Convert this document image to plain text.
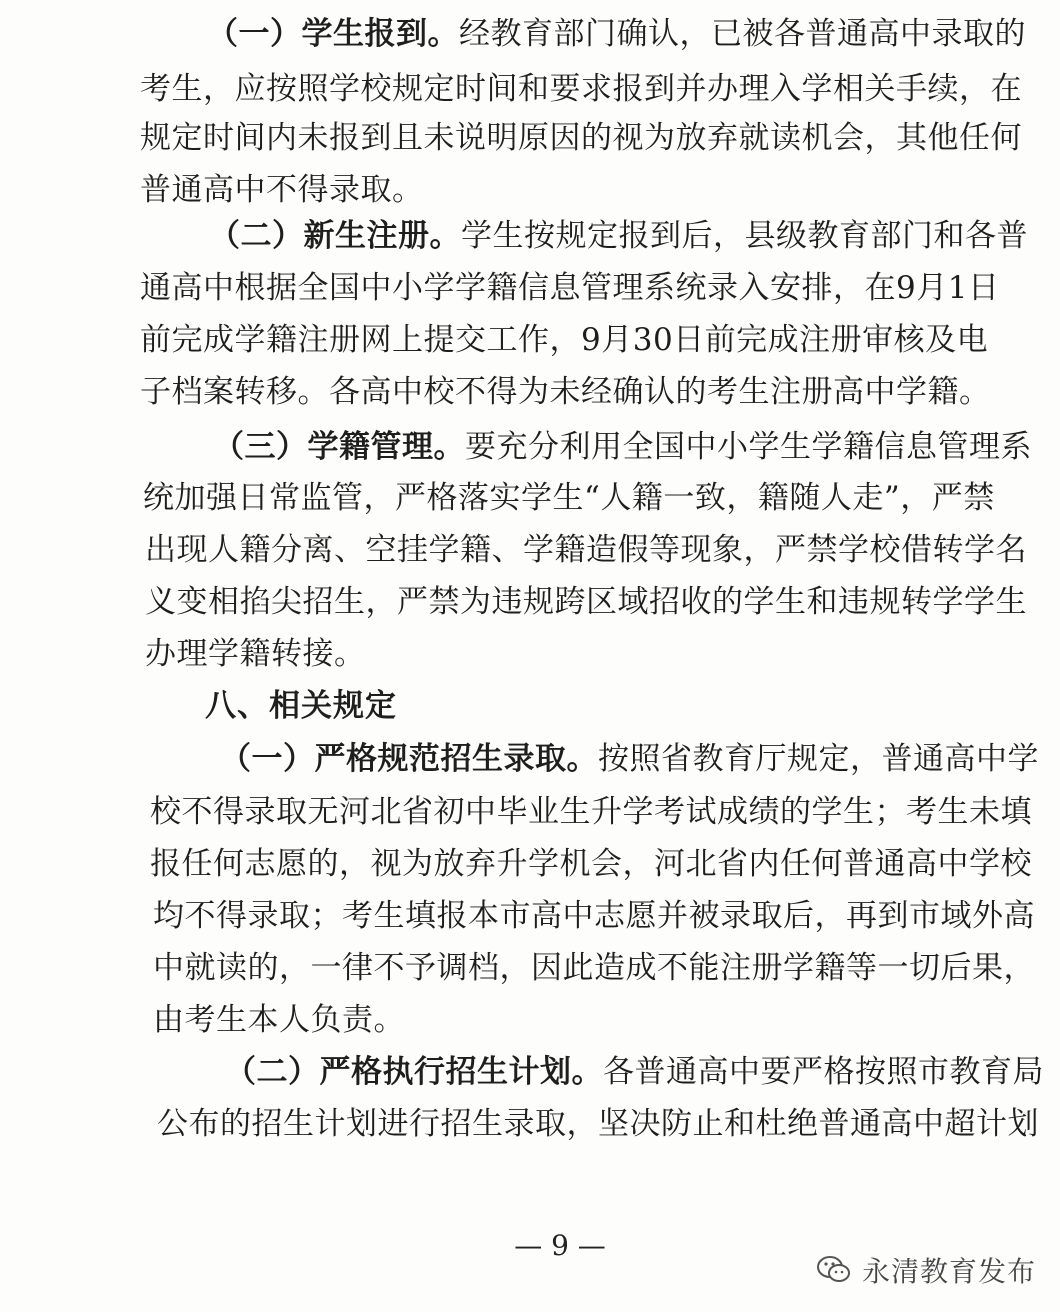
（一）学生报到。经教育部门确认，已被各普通高中录取的
考生，应按照学校规定时间和要求报到并办理入学相关手续，在
规定时间内未报到且未说明原因的视为放弃就读机会，其他任何
普通高中不得录取。
（二）新生注册。学生按规定报到后，县级教育部门和各普
通高中根据全国中小学学籍信息管理系统录入安排，在9月1日
前完成学籍注册网上提交工作，9月30日前完成注册审核及电
子档案转移。各高中校不得为未经确认的考生注册高中学籍。
（三）学籍管理。要充分利用全国中小学生学籍信息管理系
统加强日常监管，严格落实学生“人籍一致，籍随人走”，严禁
出现人籍分离、空挂学籍、学籍造假等现象，严禁学校借转学名
义变相掐尖招生，严禁为违规跨区域招收的学生和违规转学学生
办理学籍转接。
八、相关规定
（一）严格规范招生录取。按照省教育厅规定，普通高中学
校不得录取无河北省初中毕业生升学考试成绩的学生；考生未填
报任何志愿的，视为放弃升学机会，河北省内任何普通高中学校
均不得录取；考生填报本市高中志愿并被录取后，再到市域外高
中就读的，一律不予调档，因此造成不能注册学籍等一切后果，
由考生本人负责。
（二）严格执行招生计划。各普通高中要严格按照市教育局
公布的招生计划进行招生录取，坚决防止和杜绝普通高中超计划
— 9 —
永清教育发布
